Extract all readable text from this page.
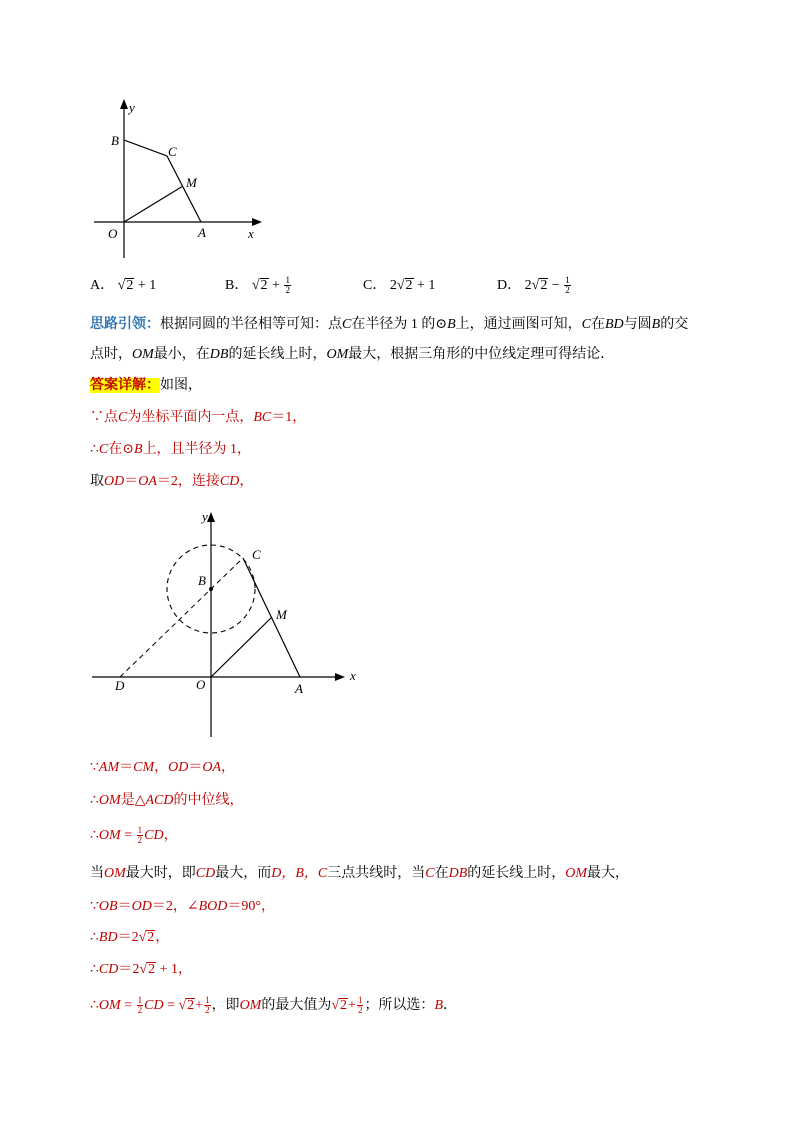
y
B
C
M
O	A	x
A． √2 + 1	B． $√2 + \frac{1}{2}$	C． 2√2 + 1	D． $2√2 - \frac{1}{2}$
思路引领：根据同圆的半径相等可知：点C在半径为 1 的⊙B上，通过画图可知，C在BD与圆B的交
点时，OM最小，在DB的延长线上时，OM最大，根据三角形的中位线定理可得结论．
答案详解：如图，
∵点C为坐标平面内一点，BC＝1，
∴C在⊙B上，且半径为 1，
取OD＝OA＝2，连接CD，
y
C
B
M
D	O	A
x
∵AM＝CM，OD＝OA，
∴OM是△ACD的中位线，
∴OM = $\frac{1}{2}$ CD，
当OM最大时，即CD最大，而D，B，C三点共线时，当C在DB的延长线上时，OM最大，
∵OB＝OD＝2，∠BOD＝90°，
∴BD＝2√2，
∴CD＝2√2 + 1，
∴OM = $\frac{1}{2}$ CD = $√2+ \frac{1}{2}$ ，即OM的最大值为$√2+ \frac{1}{2}$ ；所以选：B．
